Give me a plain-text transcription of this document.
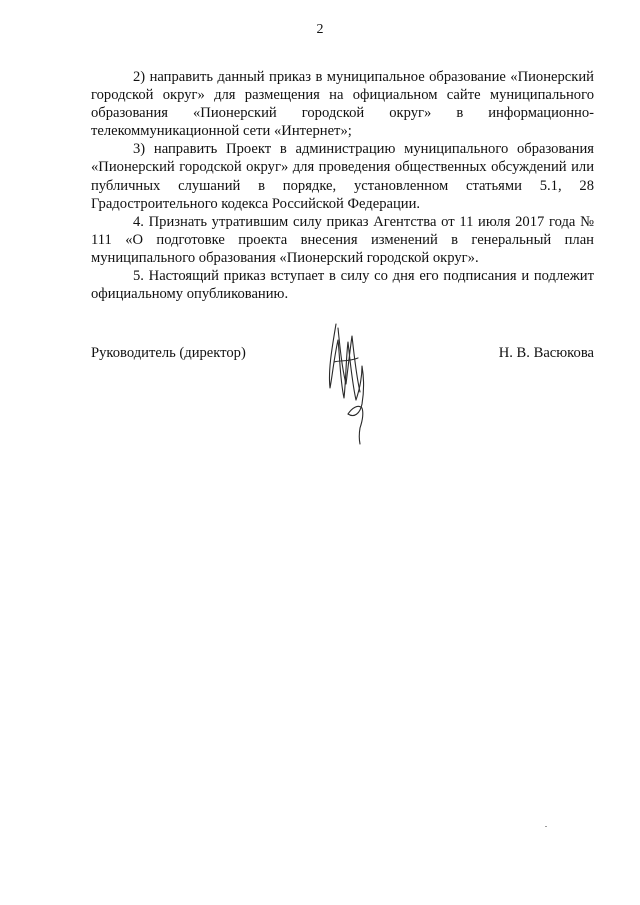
2

2) направить данный приказ в муниципальное образование «Пионерский городской округ» для размещения на официальном сайте муниципального образования «Пионерский городской округ» в информационно-телекоммуникационной сети «Интернет»;

3) направить Проект в администрацию муниципального образования «Пионерский городской округ» для проведения общественных обсуждений или публичных слушаний в порядке, установленном статьями 5.1, 28 Градостроительного кодекса Российской Федерации.

4. Признать утратившим силу приказ Агентства от 11 июля 2017 года № 111 «О подготовке проекта внесения изменений в генеральный план муниципального образования «Пионерский городской округ».

5. Настоящий приказ вступает в силу со дня его подписания и подлежит официальному опубликованию.

Руководитель (директор)	Н. В. Васюкова
